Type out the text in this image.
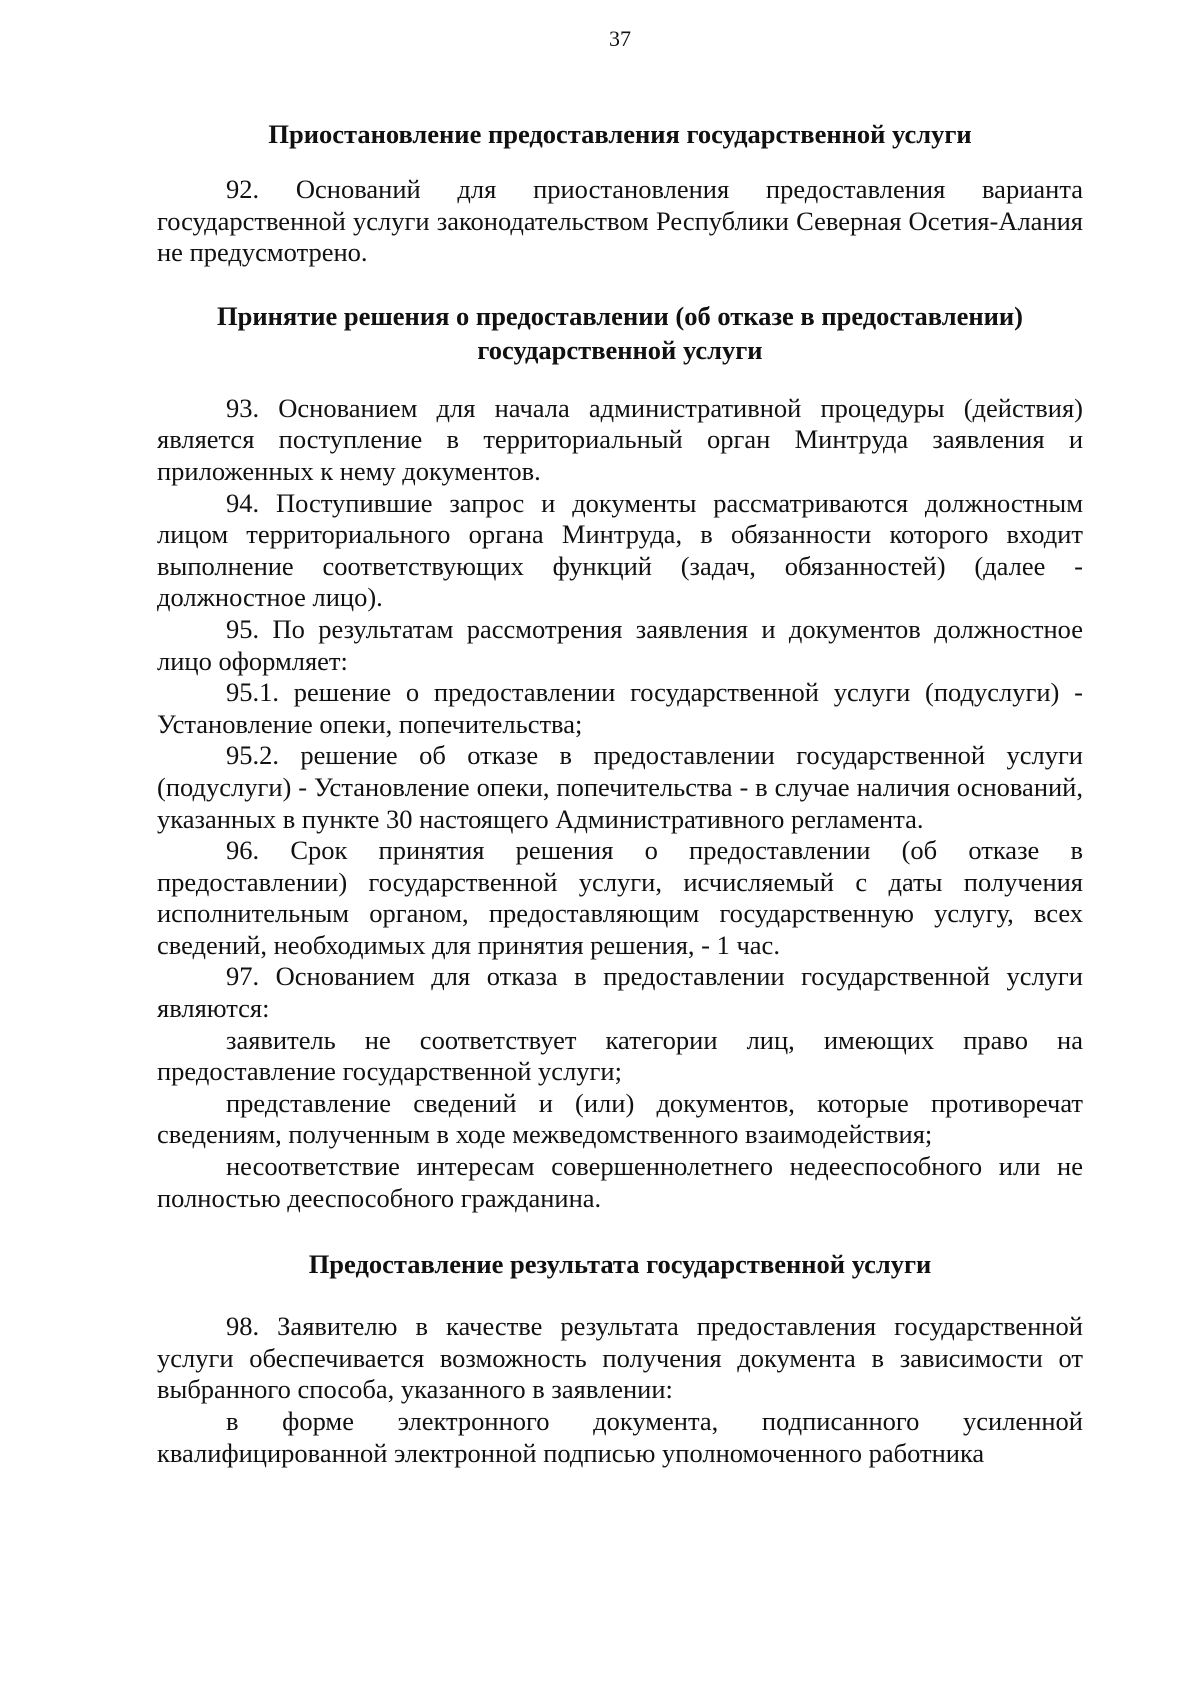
37
Приостановление предоставления государственной услуги

92. Оснований для приостановления предоставления варианта государственной услуги законодательством Республики Северная Осетия-Алания не предусмотрено.

Принятие решения о предоставлении (об отказе в предоставлении) государственной услуги

93. Основанием для начала административной процедуры (действия) является поступление в территориальный орган Минтруда заявления и приложенных к нему документов.

94. Поступившие запрос и документы рассматриваются должностным лицом территориального органа Минтруда, в обязанности которого входит выполнение соответствующих функций (задач, обязанностей) (далее - должностное лицо).

95. По результатам рассмотрения заявления и документов должностное лицо оформляет:

95.1. решение о предоставлении государственной услуги (подуслуги) - Установление опеки, попечительства;

95.2. решение об отказе в предоставлении государственной услуги (подуслуги) - Установление опеки, попечительства - в случае наличия оснований, указанных в пункте 30 настоящего Административного регламента.

96. Срок принятия решения о предоставлении (об отказе в предоставлении) государственной услуги, исчисляемый с даты получения исполнительным органом, предоставляющим государственную услугу, всех сведений, необходимых для принятия решения, - 1 час.

97. Основанием для отказа в предоставлении государственной услуги являются:

заявитель не соответствует категории лиц, имеющих право на предоставление государственной услуги;

представление сведений и (или) документов, которые противоречат сведениям, полученным в ходе межведомственного взаимодействия;

несоответствие интересам совершеннолетнего недееспособного или не полностью дееспособного гражданина.

Предоставление результата государственной услуги

98. Заявителю в качестве результата предоставления государственной услуги обеспечивается возможность получения документа в зависимости от выбранного способа, указанного в заявлении:

в форме электронного документа, подписанного усиленной квалифицированной электронной подписью уполномоченного работника
